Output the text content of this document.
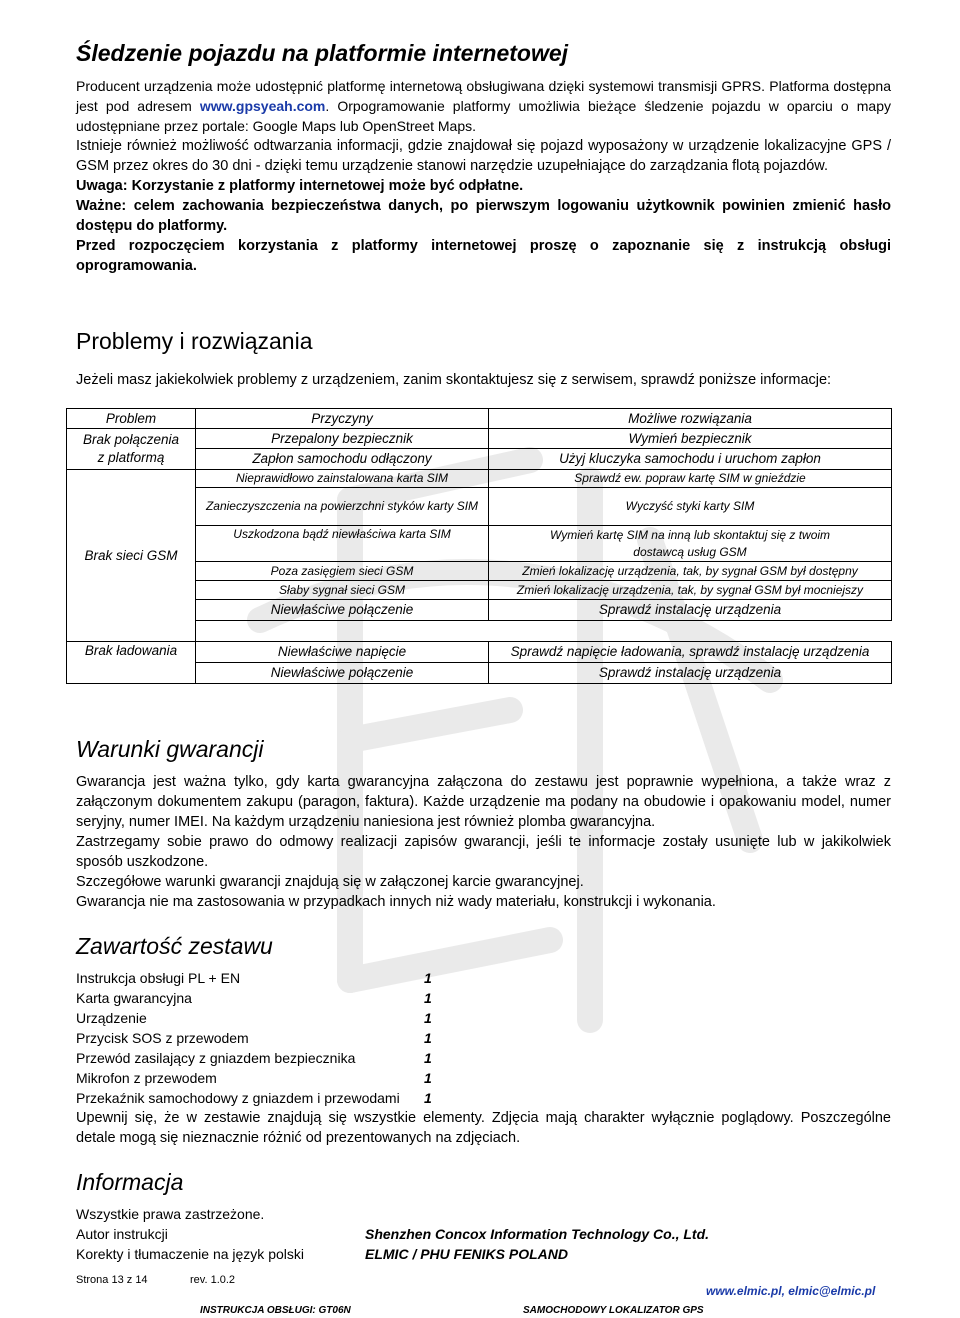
Śledzenie pojazdu na platformie internetowej

Producent urządzenia może udostępnić platformę internetową obsługiwana dzięki systemowi transmisji GPRS. Platforma dostępna jest pod adresem www.gpsyeah.com. Orpogramowanie platformy umożliwia bieżące śledzenie pojazdu w oparciu o mapy udostępniane przez portale: Google Maps lub OpenStreet Maps.

Istnieje również możliwość odtwarzania informacji, gdzie znajdował się pojazd wyposażony w urządzenie lokalizacyjne GPS / GSM przez okres do 30 dni - dzięki temu urządzenie stanowi narzędzie uzupełniające do zarządzania flotą pojazdów.

Uwaga: Korzystanie z platformy internetowej może być odpłatne.

Ważne: celem zachowania bezpieczeństwa danych, po pierwszym logowaniu użytkownik powinien zmienić hasło dostępu do platformy.

Przed rozpoczęciem korzystania z platformy internetowej proszę o zapoznanie się z instrukcją obsługi oprogramowania.

Problemy i rozwiązania

Jeżeli masz jakiekolwiek problemy z urządzeniem, zanim skontaktujesz się z serwisem, sprawdź poniższe informacje:

Problem	Przyczyny	Możliwe rozwiązania
Brak połączenia
z platformą	Przepalony bezpiecznik	Wymień bezpiecznik
	Zapłon samochodu odłączony	Użyj kluczyka samochodu i uruchom zapłon
Brak sieci GSM	Nieprawidłowo zainstalowana karta SIM	Sprawdź ew. popraw kartę SIM w gnieździe
	Zanieczyszczenia na powierzchni styków karty SIM	Wyczyść styki karty SIM
	Uszkodzona bądź niewłaściwa karta SIM	Wymień kartę SIM na inną lub skontaktuj się z twoim dostawcą usług GSM
	Poza zasięgiem sieci GSM	Zmień lokalizację urządzenia, tak, by sygnał GSM był dostępny
	Słaby sygnał sieci GSM	Zmień lokalizację urządzenia, tak, by sygnał GSM był mocniejszy
	Niewłaściwe połączenie	Sprawdź instalację urządzenia

Brak ładowania	Niewłaściwe napięcie	Sprawdź napięcie ładowania, sprawdź instalację urządzenia
	Niewłaściwe połączenie	Sprawdź instalację urządzenia
Warunki gwarancji

Gwarancja jest ważna tylko, gdy karta gwarancyjna załączona do zestawu jest poprawnie wypełniona, a także wraz z załączonym dokumentem zakupu (paragon, faktura). Każde urządzenie ma podany na obudowie i opakowaniu model, numer seryjny, numer IMEI. Na każdym urządzeniu naniesiona jest również plomba gwarancyjna.

Zastrzegamy sobie prawo do odmowy realizacji zapisów gwarancji, jeśli te informacje zostały usunięte lub w jakikolwiek sposób uszkodzone.

Szczegółowe warunki gwarancji znajdują się w załączonej karcie gwarancyjnej.

Gwarancja nie ma zastosowania w przypadkach innych niż wady materiału, konstrukcji i wykonania.

Zawartość zestawu
Instrukcja obsługi PL + EN	1
Karta gwarancyjna	1
Urządzenie	1
Przycisk SOS z przewodem	1
Przewód zasilający z gniazdem bezpiecznika	1
Mikrofon z przewodem	1
Przekaźnik samochodowy z gniazdem i przewodami 1

Upewnij się, że w zestawie znajdują się wszystkie elementy. Zdjęcia mają charakter wyłącznie poglądowy. Poszczególne detale mogą się nieznacznie różnić od prezentowanych na zdjęciach.

Informacja
Wszystkie prawa zastrzeżone.
Autor instrukcji	Shenzhen Concox Information Technology Co., Ltd.
Korekty i tłumaczenie na język polski	ELMIC / PHU FENIKS POLAND
Strona 13 z 14	rev. 1.0.2
www.elmic.pl, elmic@elmic.pl
INSTRUKCJA OBSŁUGI: GT06N	SAMOCHODOWY LOKALIZATOR GPS
